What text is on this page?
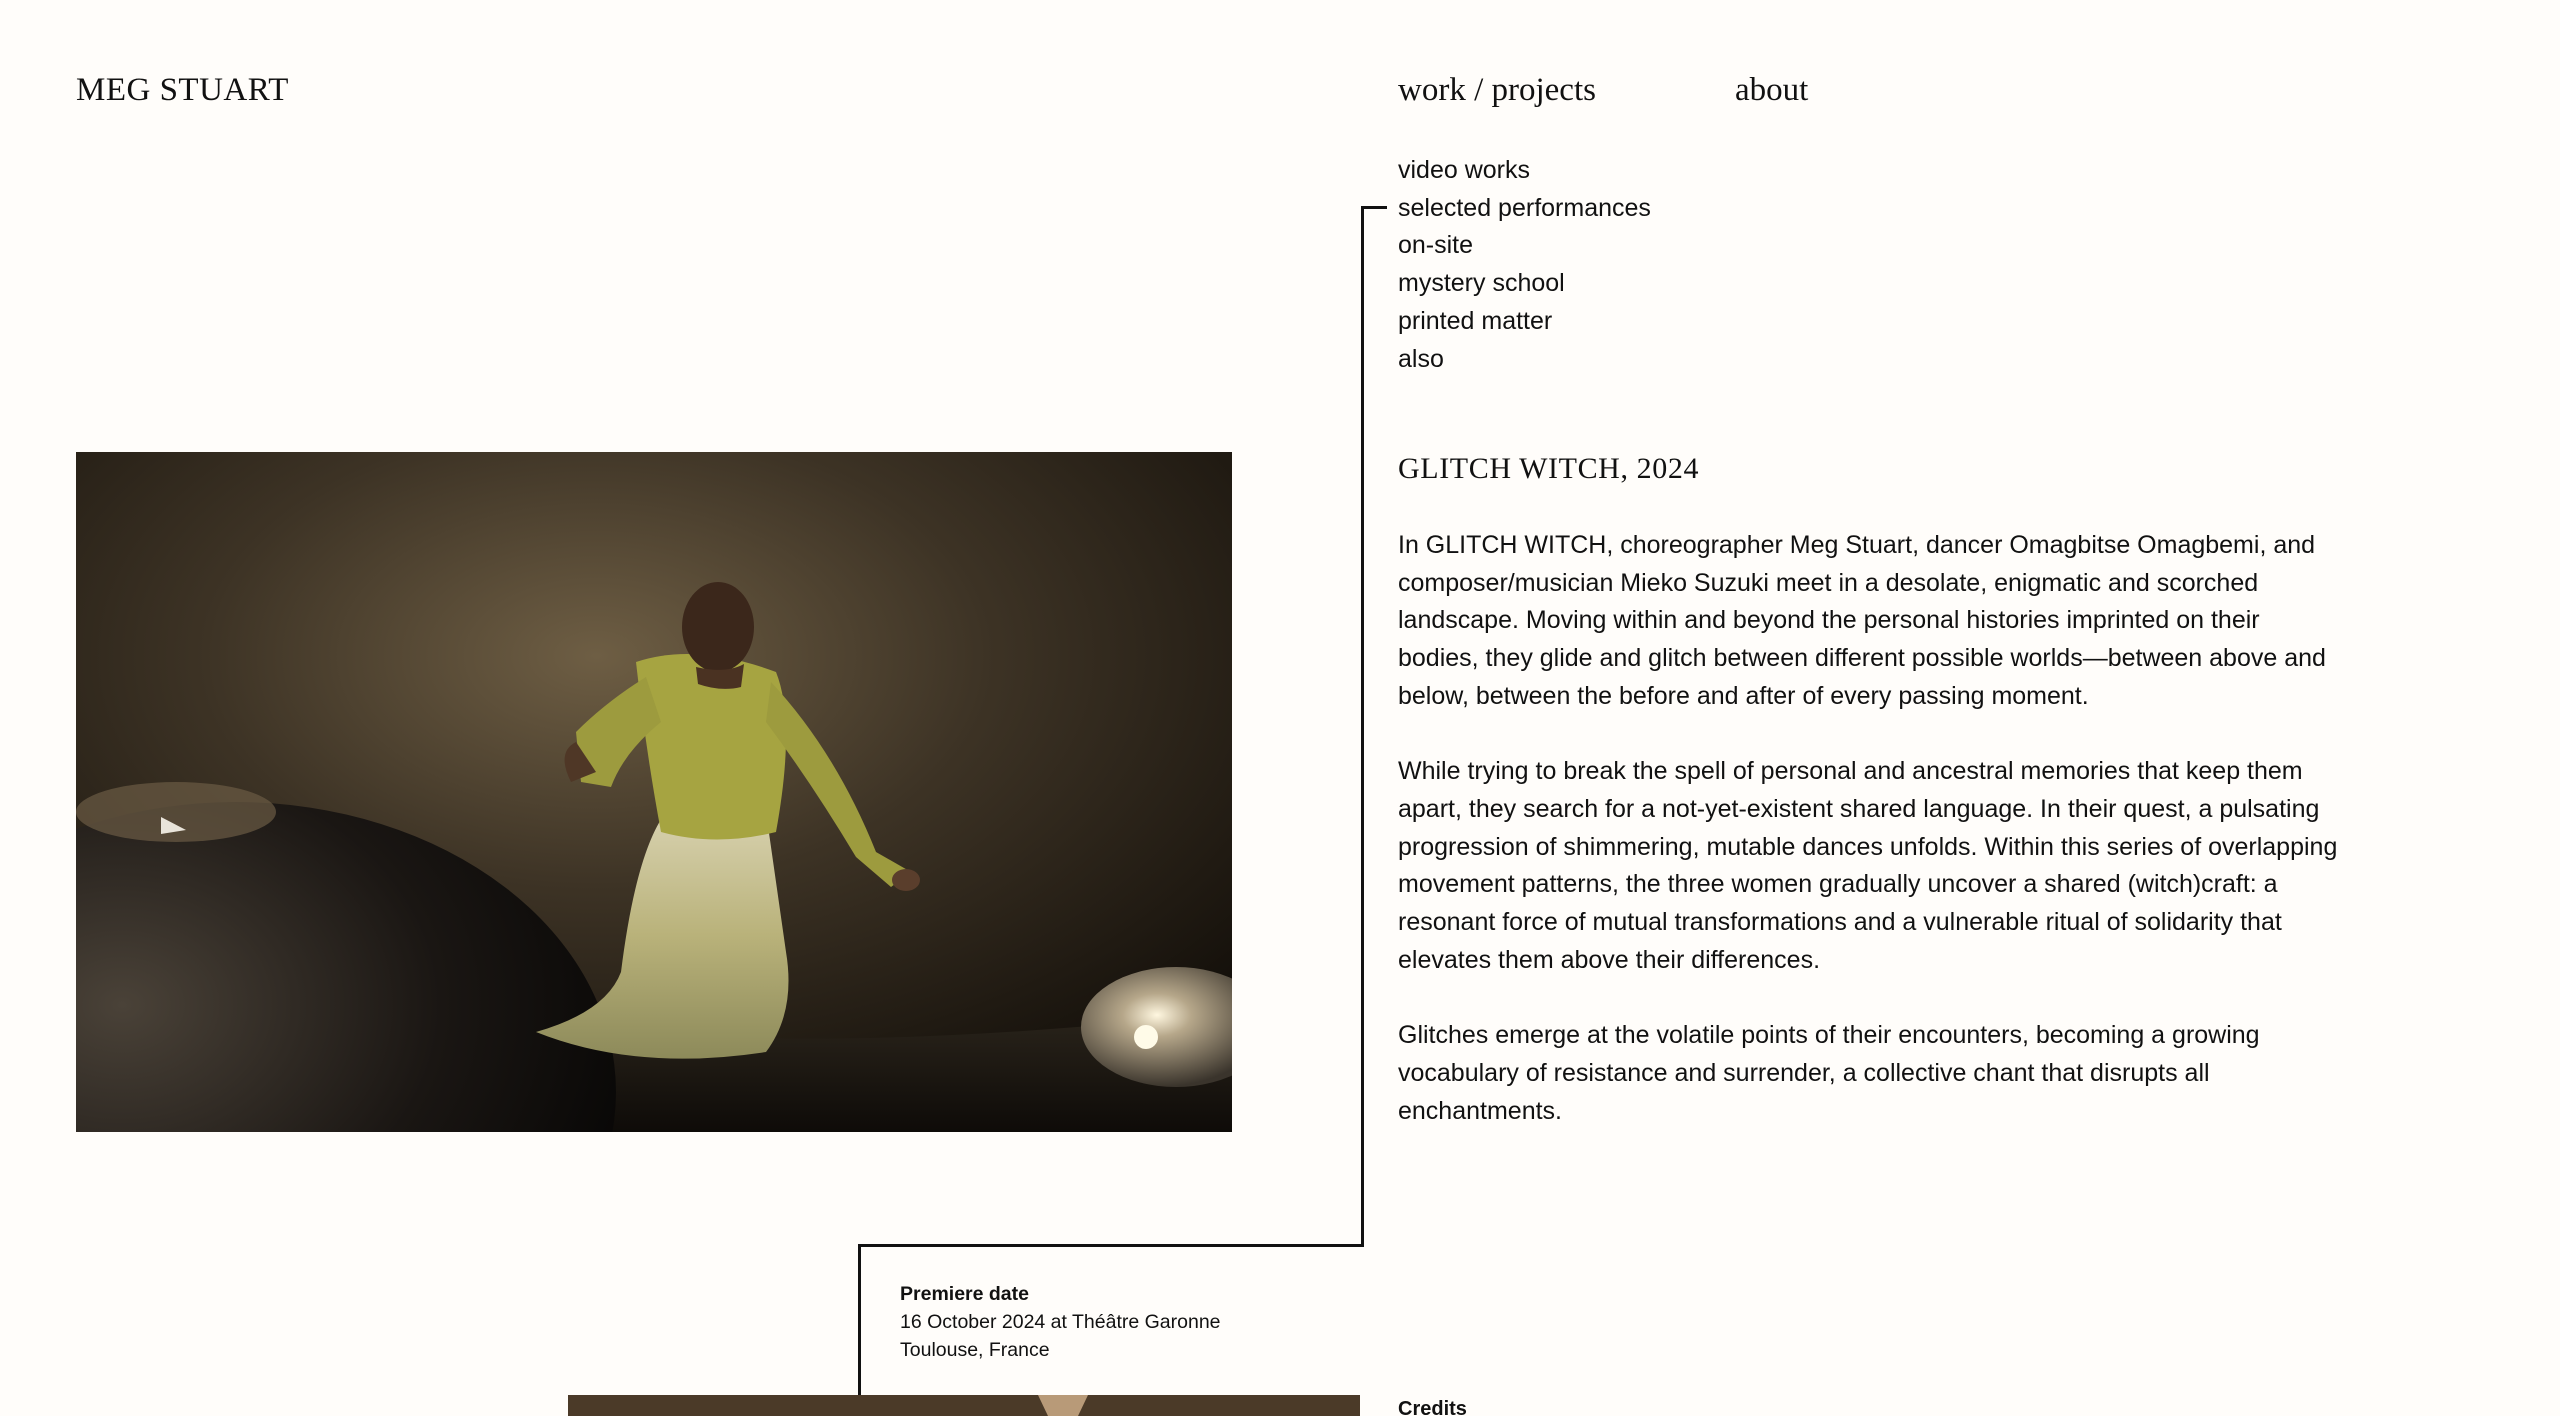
MEG STUART	work / projects	about
video works
selected performances
on-site
mystery school
printed matter
also
GLITCH WITCH, 2024

In GLITCH WITCH, choreographer Meg Stuart, dancer Omagbitse Omagbemi, and composer/musician Mieko Suzuki meet in a desolate, enigmatic and scorched landscape. Moving within and beyond the personal histories imprinted on their bodies, they glide and glitch between different possible worlds—between above and below, between the before and after of every passing moment.

While trying to break the spell of personal and ancestral memories that keep them apart, they search for a not-yet-existent shared language. In their quest, a pulsating progression of shimmering, mutable dances unfolds. Within this series of overlapping movement patterns, the three women gradually uncover a shared (witch)craft: a resonant force of mutual transformations and a vulnerable ritual of solidarity that elevates them above their differences.

Glitches emerge at the volatile points of their encounters, becoming a growing vocabulary of resistance and surrender, a collective chant that disrupts all enchantments.

Premiere date
16 October 2024 at Théâtre Garonne
Toulouse, France
Credits
